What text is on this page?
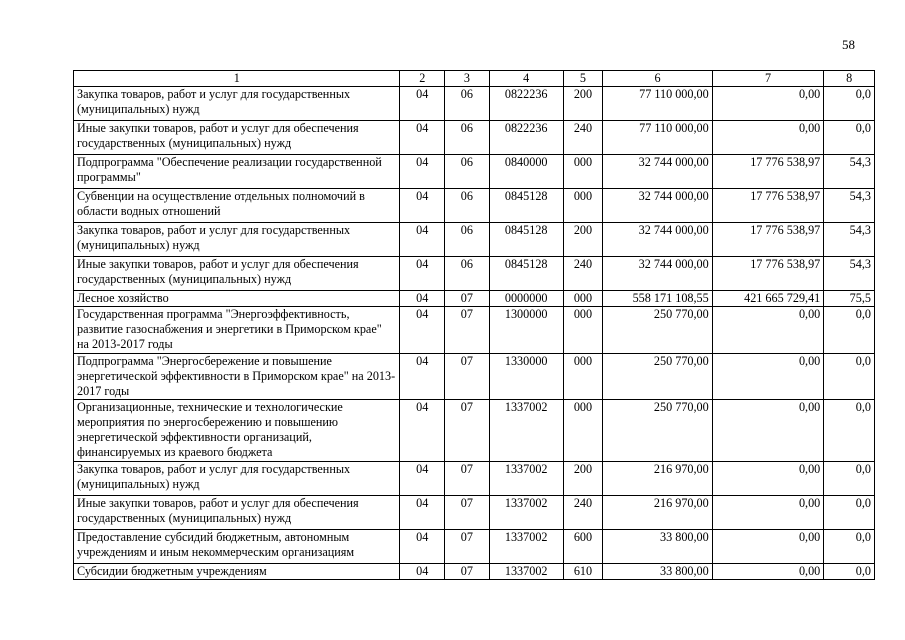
58
1	2	3	4	5	6	7	8
Закупка товаров, работ и услуг для государственных (муниципальных) нужд	04	06	0822236	200	77 110 000,00	0,00	0,0
Иные закупки товаров, работ и услуг для обеспечения государственных (муниципальных) нужд	04	06	0822236	240	77 110 000,00	0,00	0,0
Подпрограмма "Обеспечение реализации государственной программы"	04	06	0840000	000	32 744 000,00	17 776 538,97	54,3
Субвенции на осуществление отдельных полномочий в области водных отношений	04	06	0845128	000	32 744 000,00	17 776 538,97	54,3
Закупка товаров, работ и услуг для государственных (муниципальных) нужд	04	06	0845128	200	32 744 000,00	17 776 538,97	54,3
Иные закупки товаров, работ и услуг для обеспечения государственных (муниципальных) нужд	04	06	0845128	240	32 744 000,00	17 776 538,97	54,3
Лесное хозяйство	04	07	0000000	000	558 171 108,55	421 665 729,41	75,5
Государственная программа "Энергоэффективность, развитие газоснабжения и энергетики в Приморском крае" на 2013-2017 годы	04	07	1300000	000	250 770,00	0,00	0,0
Подпрограмма "Энергосбережение и повышение энергетической эффективности в Приморском крае" на 2013-2017 годы	04	07	1330000	000	250 770,00	0,00	0,0
Организационные, технические и технологические мероприятия по энергосбережению и повышению энергетической эффективности организаций, финансируемых из краевого бюджета	04	07	1337002	000	250 770,00	0,00	0,0
Закупка товаров, работ и услуг для государственных (муниципальных) нужд	04	07	1337002	200	216 970,00	0,00	0,0
Иные закупки товаров, работ и услуг для обеспечения государственных (муниципальных) нужд	04	07	1337002	240	216 970,00	0,00	0,0
Предоставление субсидий бюджетным, автономным учреждениям и иным некоммерческим организациям	04	07	1337002	600	33 800,00	0,00	0,0
Субсидии бюджетным учреждениям	04	07	1337002	610	33 800,00	0,00	0,0
